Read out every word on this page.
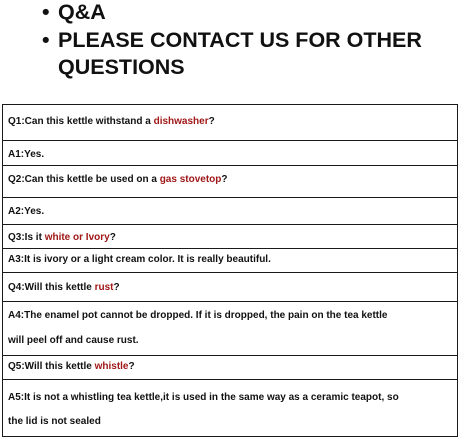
• Q&A
• PLEASE CONTACT US FOR OTHER
QUESTIONS
Q1:Can this kettle withstand a dishwasher?
A1:Yes.
Q2:Can this kettle be used on a gas stovetop?
A2:Yes.
Q3:Is it white or Ivory?
A3:It is ivory or a light cream color. It is really beautiful.
Q4:Will this kettle rust?
A4:The enamel pot cannot be dropped. If it is dropped, the pain on the tea kettle
will peel off and cause rust.
Q5:Will this kettle whistle?
A5:It is not a whistling tea kettle,it is used in the same way as a ceramic teapot, so
the lid is not sealed
